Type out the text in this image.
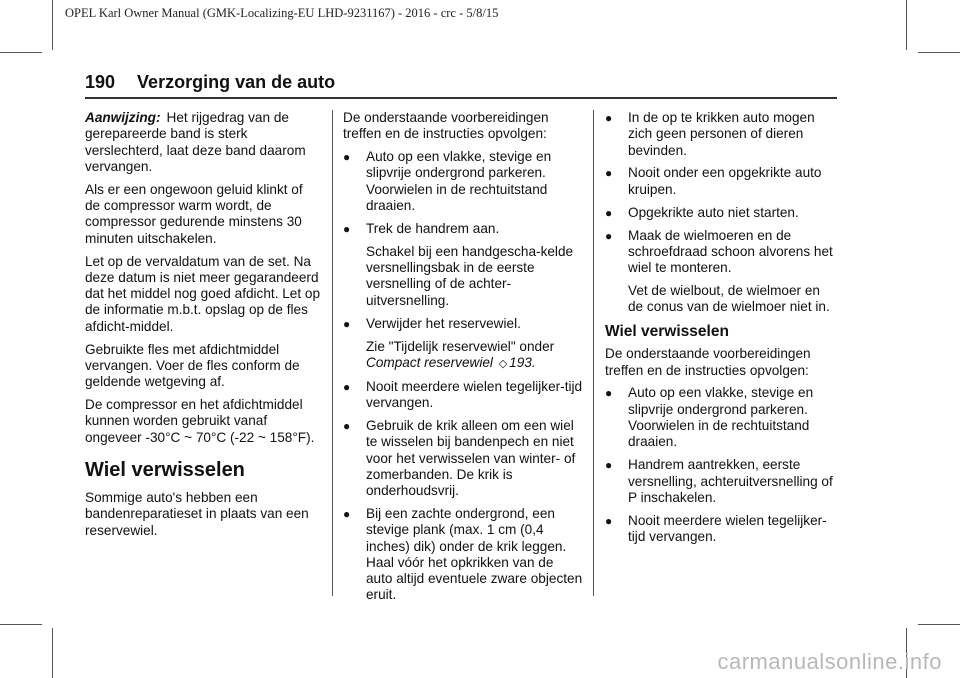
OPEL Karl Owner Manual (GMK-Localizing-EU LHD-9231167) - 2016 - crc - 5/8/15
190 Verzorging van de auto

Aanwijzing: Het rijgedrag van de gerepareerde band is sterk verslechterd, laat deze band daarom vervangen.

Als er een ongewoon geluid klinkt of de compressor warm wordt, de compressor gedurende minstens 30 minuten uitschakelen.

Let op de vervaldatum van de set. Na deze datum is niet meer gegarandeerd dat het middel nog goed afdicht. Let op de informatie m.b.t. opslag op de fles afdicht-middel.

Gebruikte fles met afdichtmiddel vervangen. Voer de fles conform de geldende wetgeving af.

De compressor en het afdichtmiddel kunnen worden gebruikt vanaf ongeveer -30°C ~ 70°C (-22 ~ 158°F).

Wiel verwisselen

Sommige auto's hebben een bandenreparatieset in plaats van een reservewiel.

De onderstaande voorbereidingen treffen en de instructies opvolgen:

● Auto op een vlakke, stevige en slipvrije ondergrond parkeren. Voorwielen in de rechtuitstand draaien.
● Trek de handrem aan.

Schakel bij een handgescha-kelde versnellingsbak in de eerste versnelling of de achter-uitversnelling.

● Verwijder het reservewiel.

Zie "Tijdelijk reservewiel" onder
Compact reservewiel ◇ 193.

● Nooit meerdere wielen tegelijker-tijd vervangen.
● Gebruik de krik alleen om een wiel te wisselen bij bandenpech en niet voor het verwisselen van winter- of zomerbanden. De krik is onderhoudsvrij.
● Bij een zachte ondergrond, een stevige plank (max. 1 cm (0,4 inches) dik) onder de krik leggen. Haal vóór het opkrikken van de auto altijd eventuele zware objecten eruit.
● In de op te krikken auto mogen zich geen personen of dieren bevinden.
● Nooit onder een opgekrikte auto kruipen.
● Opgekrikte auto niet starten.
● Maak de wielmoeren en de schroefdraad schoon alvorens het wiel te monteren.

Vet de wielbout, de wielmoer en de conus van de wielmoer niet in.

Wiel verwisselen

De onderstaande voorbereidingen treffen en de instructies opvolgen:

● Auto op een vlakke, stevige en slipvrije ondergrond parkeren. Voorwielen in de rechtuitstand draaien.
● Handrem aantrekken, eerste versnelling, achteruitversnelling of P inschakelen.
● Nooit meerdere wielen tegelijker-tijd vervangen.
carmanualsonline.info
